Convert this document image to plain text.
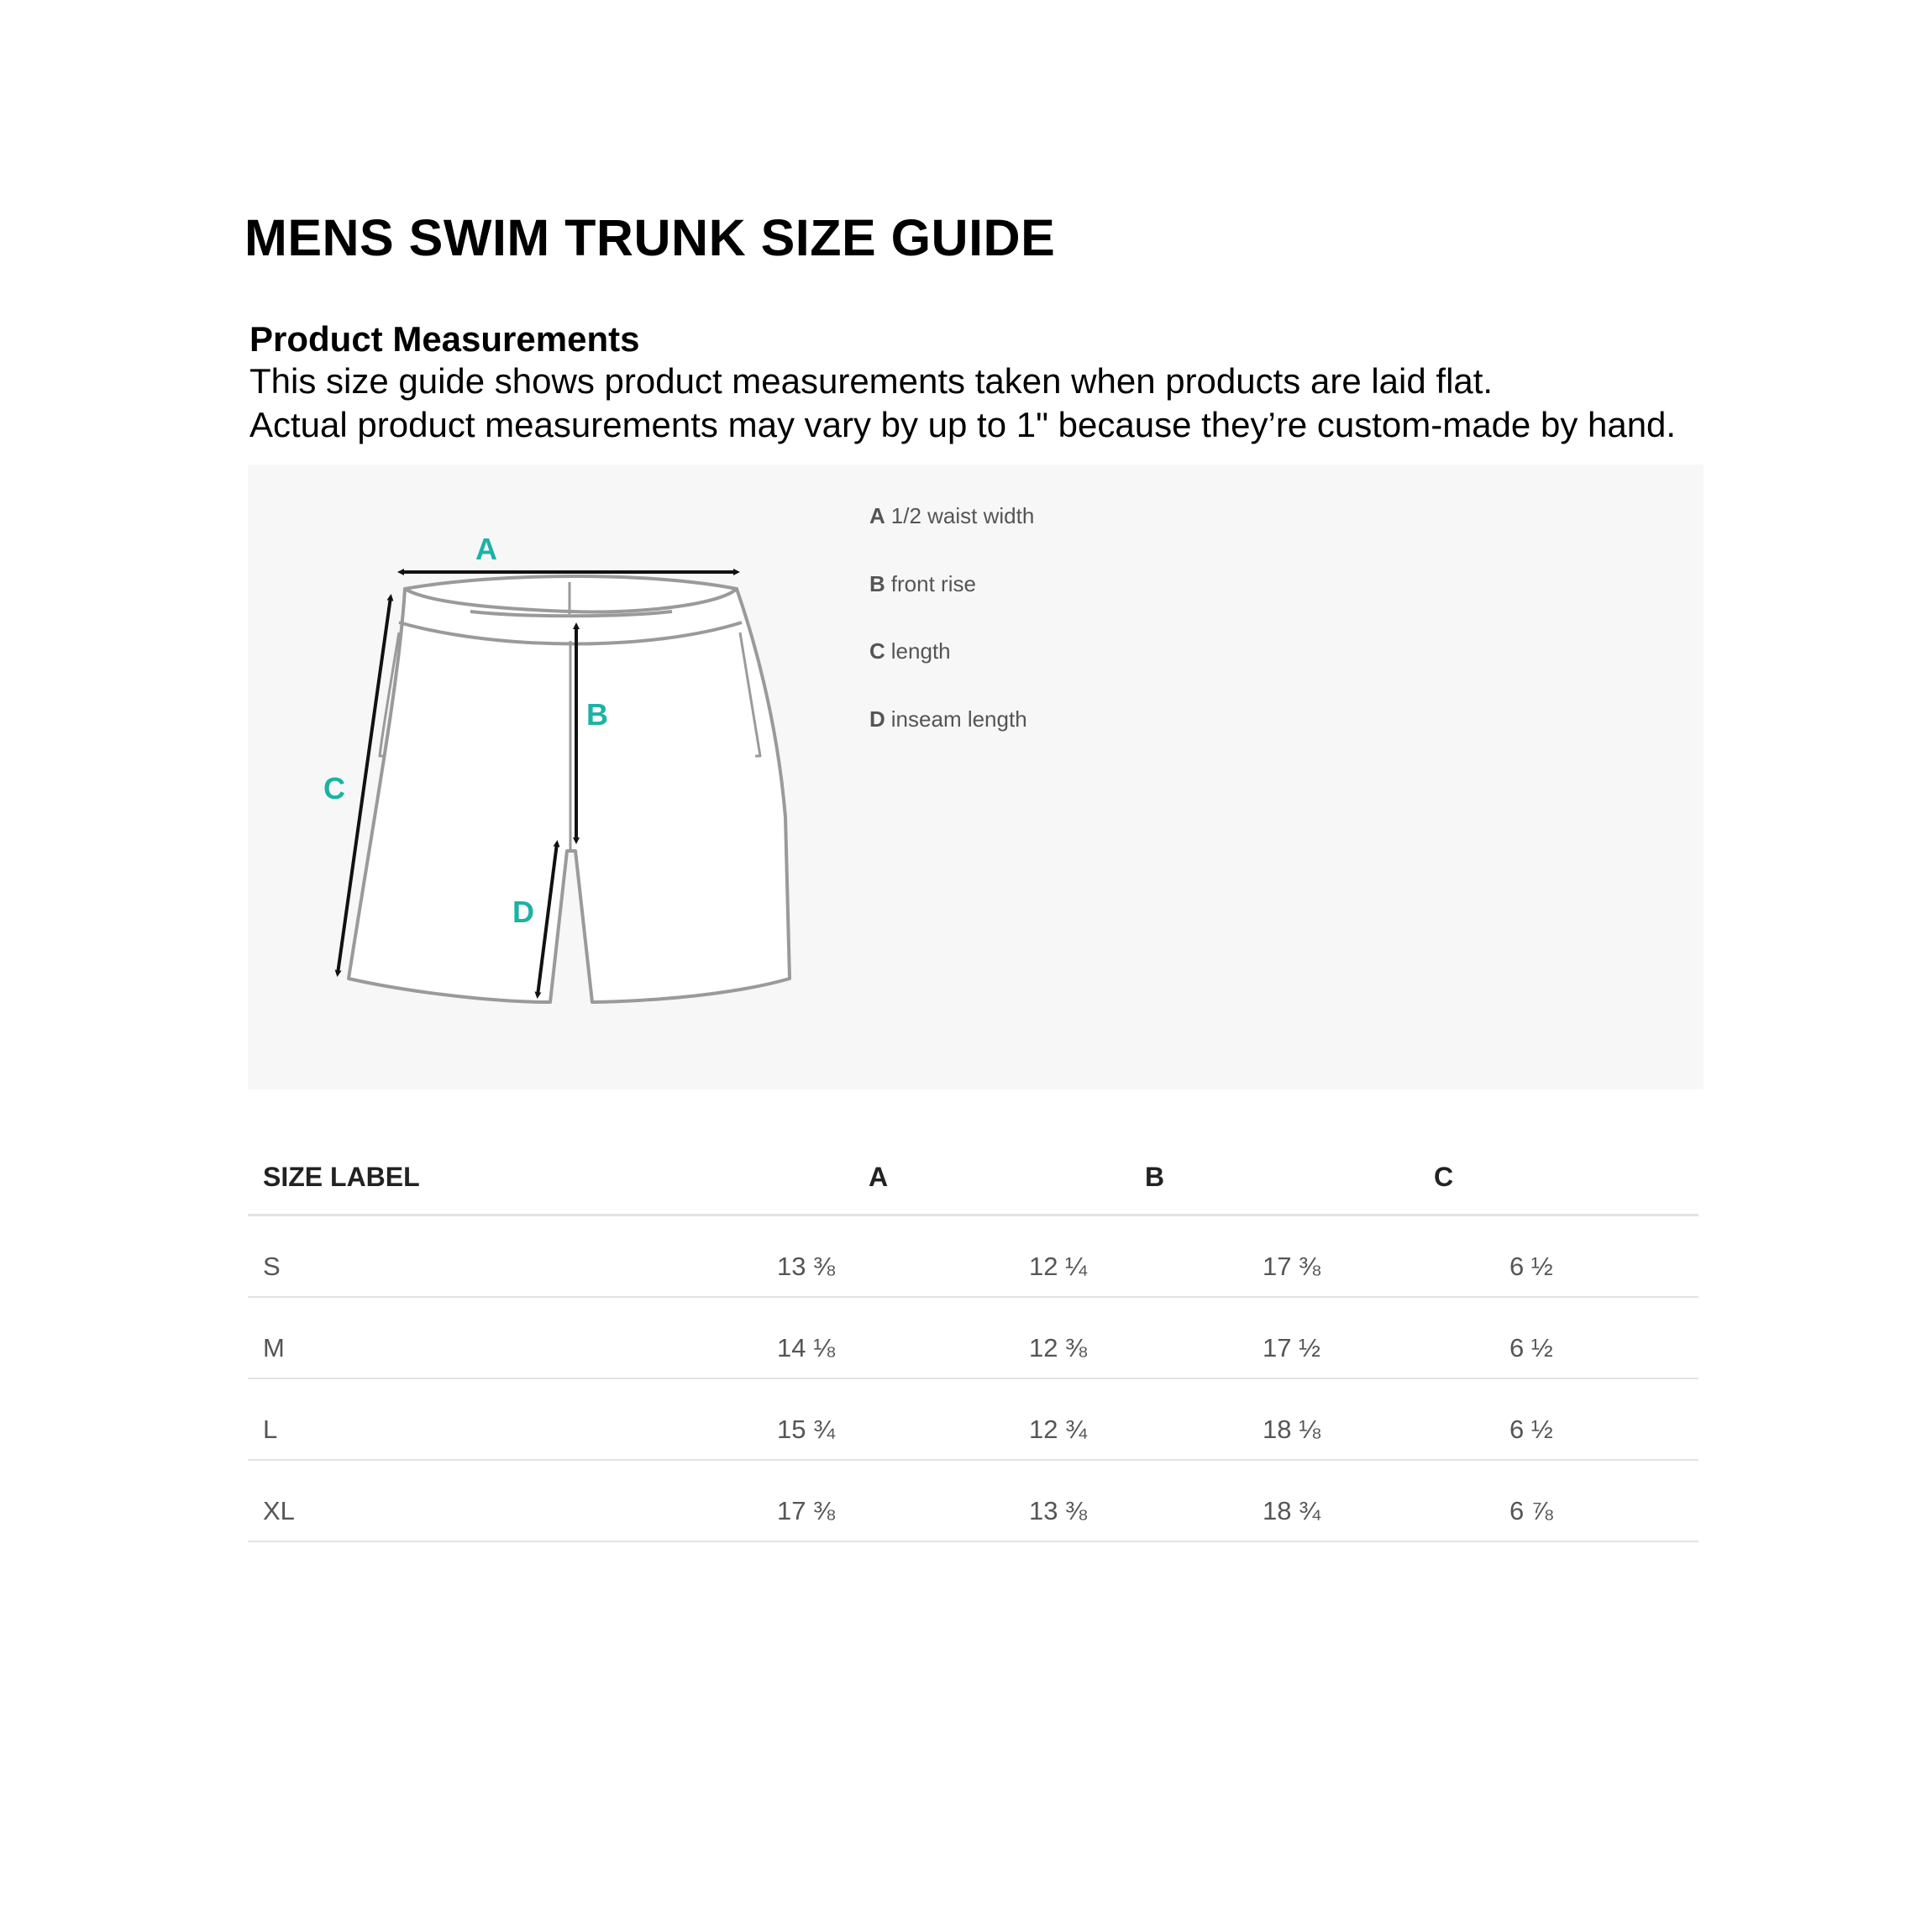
MENS SWIM TRUNK SIZE GUIDE
Product Measurements
This size guide shows product measurements taken when products are laid flat.
Actual product measurements may vary by up to 1" because they’re custom-made by hand.
A
B
C
D
A 1/2 waist width
B front rise
C length
D inseam length
SIZE LABEL	A	B	C
S	13 ⅜	12 ¼	17 ⅜	6 ½
M	14 ⅛	12 ⅜	17 ½	6 ½
L	15 ¾	12 ¾	18 ⅛	6 ½
XL	17 ⅜	13 ⅜	18 ¾	6 ⅞
